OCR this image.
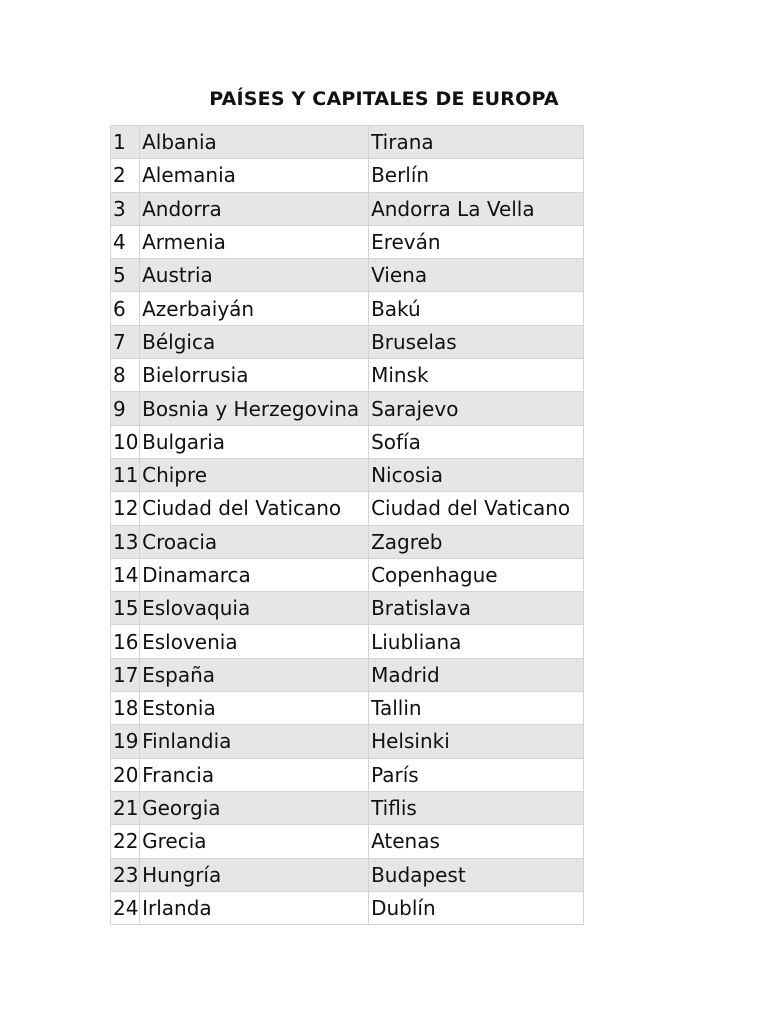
PAÍSES Y CAPITALES DE EUROPA
1	Albania	Tirana
2	Alemania	Berlín
3	Andorra	Andorra La Vella
4	Armenia	Ereván
5	Austria	Viena
6	Azerbaiyán	Bakú
7	Bélgica	Bruselas
8	Bielorrusia	Minsk
9	Bosnia y Herzegovina	Sarajevo
10	Bulgaria	Sofía
11	Chipre	Nicosia
12	Ciudad del Vaticano	Ciudad del Vaticano
13	Croacia	Zagreb
14	Dinamarca	Copenhague
15	Eslovaquia	Bratislava
16	Eslovenia	Liubliana
17	España	Madrid
18	Estonia	Tallin
19	Finlandia	Helsinki
20	Francia	París
21	Georgia	Tiflis
22	Grecia	Atenas
23	Hungría	Budapest
24	Irlanda	Dublín
